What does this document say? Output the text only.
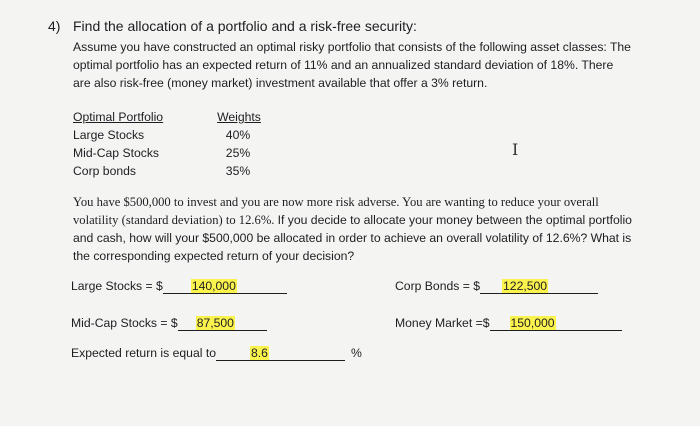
4) Find the allocation of a portfolio and a risk-free security:
Assume you have constructed an optimal risky portfolio that consists of the following asset classes: The optimal portfolio has an expected return of 11% and an annualized standard deviation of 18%. There are also risk-free (money market) investment available that offer a 3% return.
Optimal Portfolio	Weights
Large Stocks	40%
Mid-Cap Stocks	25%
Corp bonds	35%
I
You have $500,000 to invest and you are now more risk adverse. You are wanting to reduce your overall volatility (standard deviation) to 12.6%. If you decide to allocate your money between the optimal portfolio and cash, how will your $500,000 be allocated in order to achieve an overall volatility of 12.6%? What is the corresponding expected return of your decision?
Large Stocks = $ 140,000	Corp Bonds = $ 122,500
Mid-Cap Stocks = $ 87,500	Money Market =$ 150,000
Expected return is equal to	8.6	%
